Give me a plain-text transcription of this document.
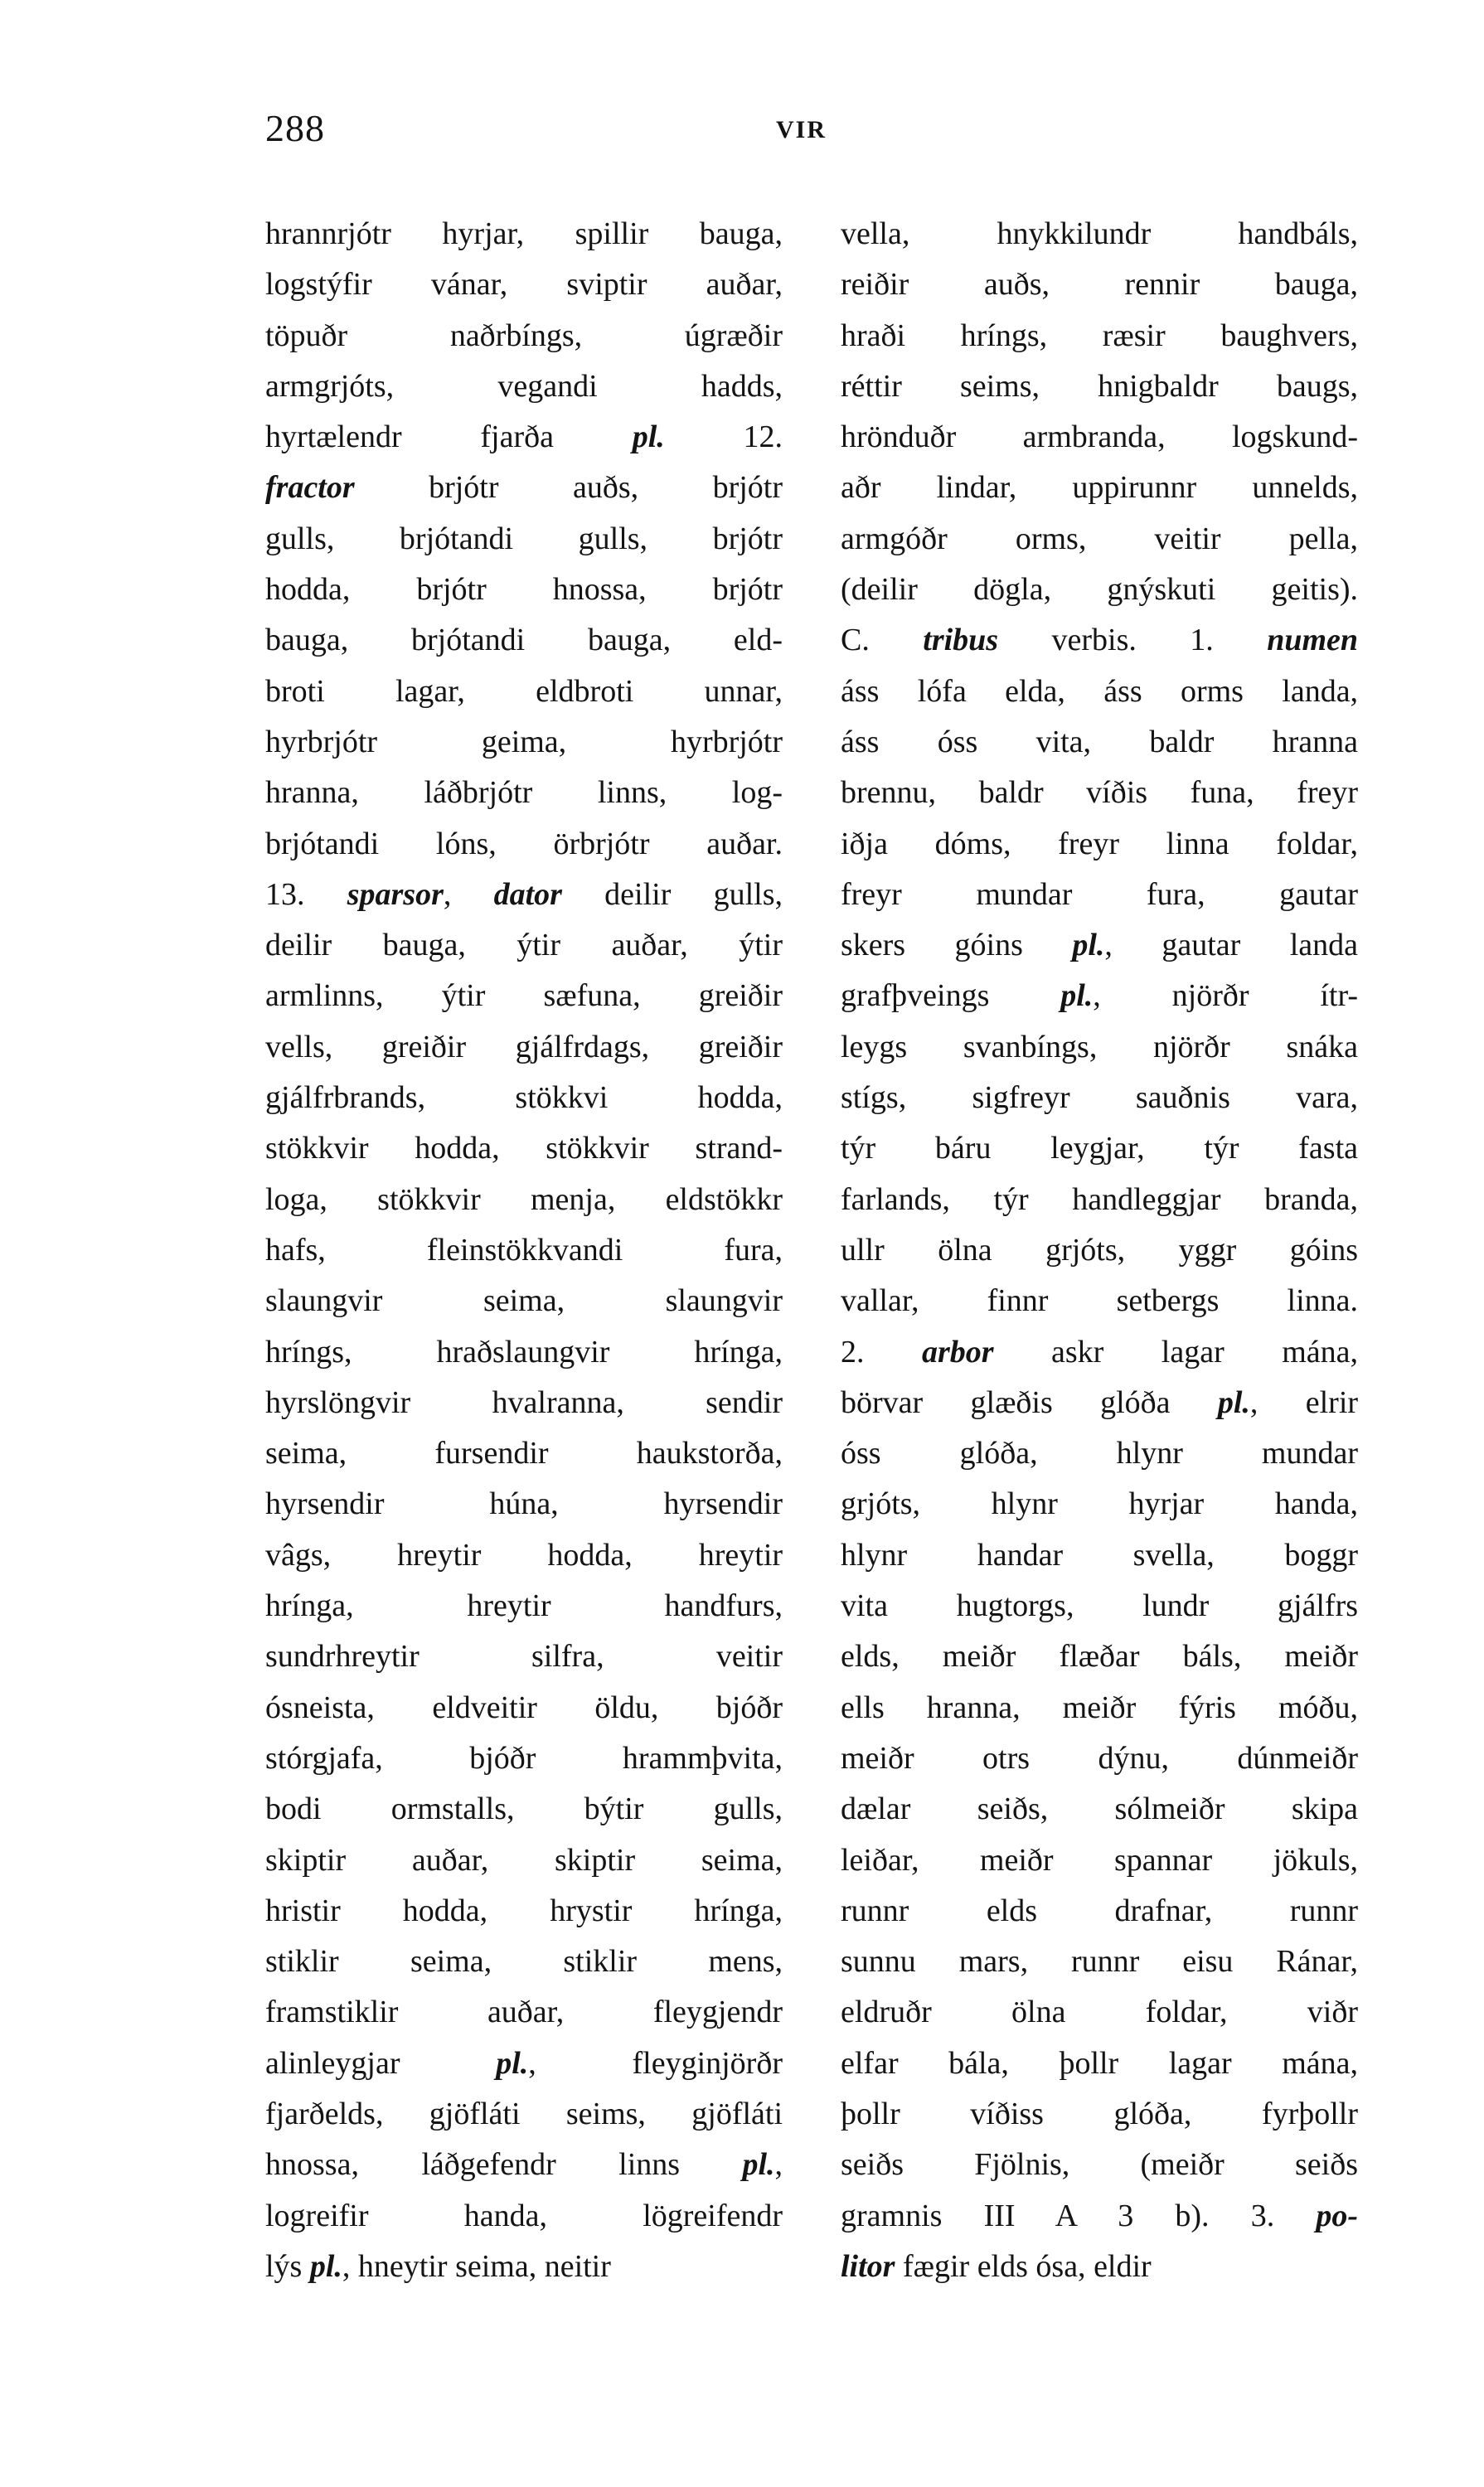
288	VIR
hrannrjótr hyrjar, spillir bauga,
logstýfir vánar, sviptir auðar,
töpuðr	naðrbíngs,	úgræðir
armgrjóts,	vegandi	hadds,
hyrtælendr fjarða pl. 12.
fractor brjótr auðs, brjótr
gulls, brjótandi gulls, brjótr
hodda, brjótr hnossa, brjótr
bauga, brjótandi bauga, eld-
broti lagar, eldbroti unnar,
hyrbrjótr	geima,	hyrbrjótr
hranna, láðbrjótr linns, log-
brjótandi lóns, örbrjótr auðar.
13. sparsor, dator deilir gulls,
deilir bauga, ýtir auðar, ýtir
armlinns, ýtir sæfuna, greiðir
vells, greiðir gjálfrdags, greiðir
gjálfrbrands,	stökkvi	hodda,
stökkvir hodda, stökkvir strand-
loga, stökkvir menja, eldstökkr
hafs,	fleinstökkvandi	fura,
slaungvir	seima,	slaungvir
hríngs,	hraðslaungvir	hrínga,
hyrslöngvir	hvalranna,	sendir
seima,	fursendir	haukstorða,
hyrsendir	húna,	hyrsendir
vâgs, hreytir hodda, hreytir
hrínga,	hreytir	handfurs,
sundrhreytir	silfra,	veitir
ósneista, eldveitir öldu, bjóðr
stórgjafa,	bjóðr	hrammþvita,
bodi ormstalls, býtir gulls,
skiptir auðar, skiptir seima,
hristir hodda, hrystir hrínga,
stiklir seima, stiklir mens,
framstiklir	auðar,	fleygjendr
alinleygjar	pl.,	fleyginjörðr
fjarðelds, gjöfláti seims, gjöfláti
hnossa, láðgefendr linns pl.,
logreifir	handa,	lögreifendr
lýs pl., hneytir seima, neitir
vella,	hnykkilundr	handbáls,
reiðir auðs, rennir bauga,
hraði hríngs, ræsir baughvers,
réttir seims, hnigbaldr baugs,
hrönduðr armbranda, logskund-
aðr lindar, uppirunnr unnelds,
armgóðr orms, veitir pella,
(deilir dögla, gnýskuti geitis).
C. tribus verbis. 1. numen
áss lófa elda, áss orms landa,
áss óss vita, baldr hranna
brennu, baldr víðis funa, freyr
iðja dóms, freyr linna foldar,
freyr mundar fura, gautar
skers góins pl., gautar landa
grafþveings pl., njörðr ítr-
leygs svanbíngs, njörðr snáka
stígs, sigfreyr sauðnis vara,
týr báru leygjar, týr fasta
farlands, týr handleggjar branda,
ullr ölna grjóts, yggr góins
vallar, finnr setbergs linna.
2. arbor askr lagar mána,
börvar glæðis glóða pl., elrir
óss	glóða,	hlynr	mundar
grjóts, hlynr hyrjar handa,
hlynr handar svella, boggr
vita hugtorgs, lundr gjálfrs
elds, meiðr flæðar báls, meiðr
ells hranna, meiðr fýris móðu,
meiðr otrs dýnu, dúnmeiðr
dælar seiðs, sólmeiðr skipa
leiðar, meiðr spannar jökuls,
runnr elds drafnar, runnr
sunnu mars, runnr eisu Ránar,
eldruðr	ölna	foldar,	viðr
elfar bála, þollr lagar mána,
þollr víðiss glóða, fyrþollr
seiðs Fjölnis, (meiðr seiðs
gramnis III A 3 b). 3. po-
litor fægir elds ósa, eldir
